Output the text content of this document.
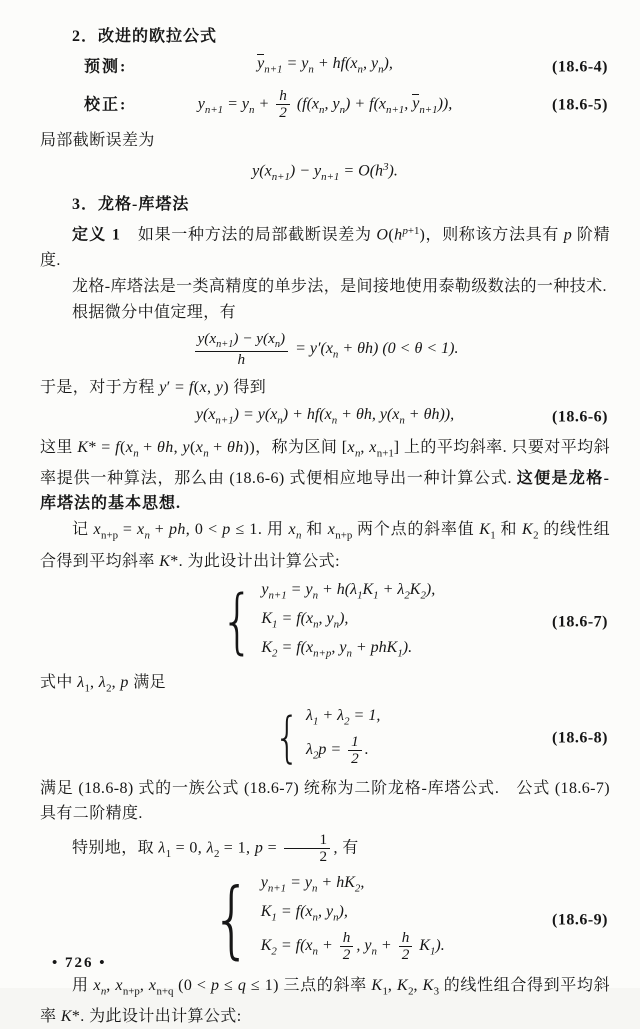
2．改进的欧拉公式
预测:	$y_{n+1} = y_n + hf(x_n$, $y_n$),	(18.6-4)
校正:	$y_{n+1} = y_n + \frac{h}{2} (f(x_n$, $y_n) + f(x_{n+1}$, $y_{n+1}$)),	(18.6-5)
局部截断误差为
$y(x_{n+1}) - y_{n+1} = O(h^3)$.
3．龙格-库塔法
定义 1　如果一种方法的局部截断误差为 $O(h^{p+1})$，则称该方法具有 p 阶精度.
龙格-库塔法是一类高精度的单步法，是间接地使用泰勒级数法的一种技术.
根据微分中值定理，有
$\frac{y(x_{n+1}) - y(x_n)}{h} = y'(x_n + \theta h) (0 < \theta < 1)$.
于是，对于方程 y′ = f(x, y) 得到
$y(x_{n+1}) = y(x_n) + hf(x_n + \theta h$, $y(x_n + \theta h)$),	(18.6-6)
这里 $K* = f(x_n + \theta h$, $y(x_n + \theta h)$)，称为区间 [$x_n$, $x_{n+1}$] 上的平均斜率. 只要对平均斜率提供一种算法，那么由 (18.6-6) 式便相应地导出一种计算公式. 这便是龙格-库塔法的基本思想.
记 $x_{n+p} = x_n$ + ph, 0 < p ≤ 1. 用 $x_n$ 和 $x_{n+p}$ 两个点的斜率值 $K_1$ 和 $K_2$ 的线性组合得到平均斜率 K*. 为此设计出计算公式:
{ $y_{n+1} = y_n + h(\lambda_1K_1 + \lambda_2K_2)$,
$K_1 = f(x_n$, $y_n$),
$K_2 = f(x_{n+p}$, $y_n + phK_1$).
(18.6-7)
式中 $\lambda_1$, $\lambda_2$, p 满足
{ $\lambda_1 + \lambda_2 = 1$,
$\lambda_2p = \frac{1}{2}$ .
(18.6-8)
满足 (18.6-8) 式的一族公式 (18.6-7) 统称为二阶龙格-库塔公式.　公式 (18.6-7) 具有二阶精度.
特别地，取 $\lambda_1 = 0$, $\lambda_2 = 1$, $p = \frac{1}{2}$ , 有
{ $y_{n+1} = y_n + hK_2$,
$K_1 = f(x_n$, $y_n$),
$K_2 = f(x_n + \frac{h}{2}$ , $y_n + \frac{h}{2} K_1$).
(18.6-9)
用 $x_n$, $x_{n+p}$, $x_{n+q}$ (0 < p ≤ q ≤ 1) 三点的斜率 $K_1$, $K_2$, $K_3$ 的线性组合得到平均斜率 K*. 为此设计出计算公式:
• 726 •
